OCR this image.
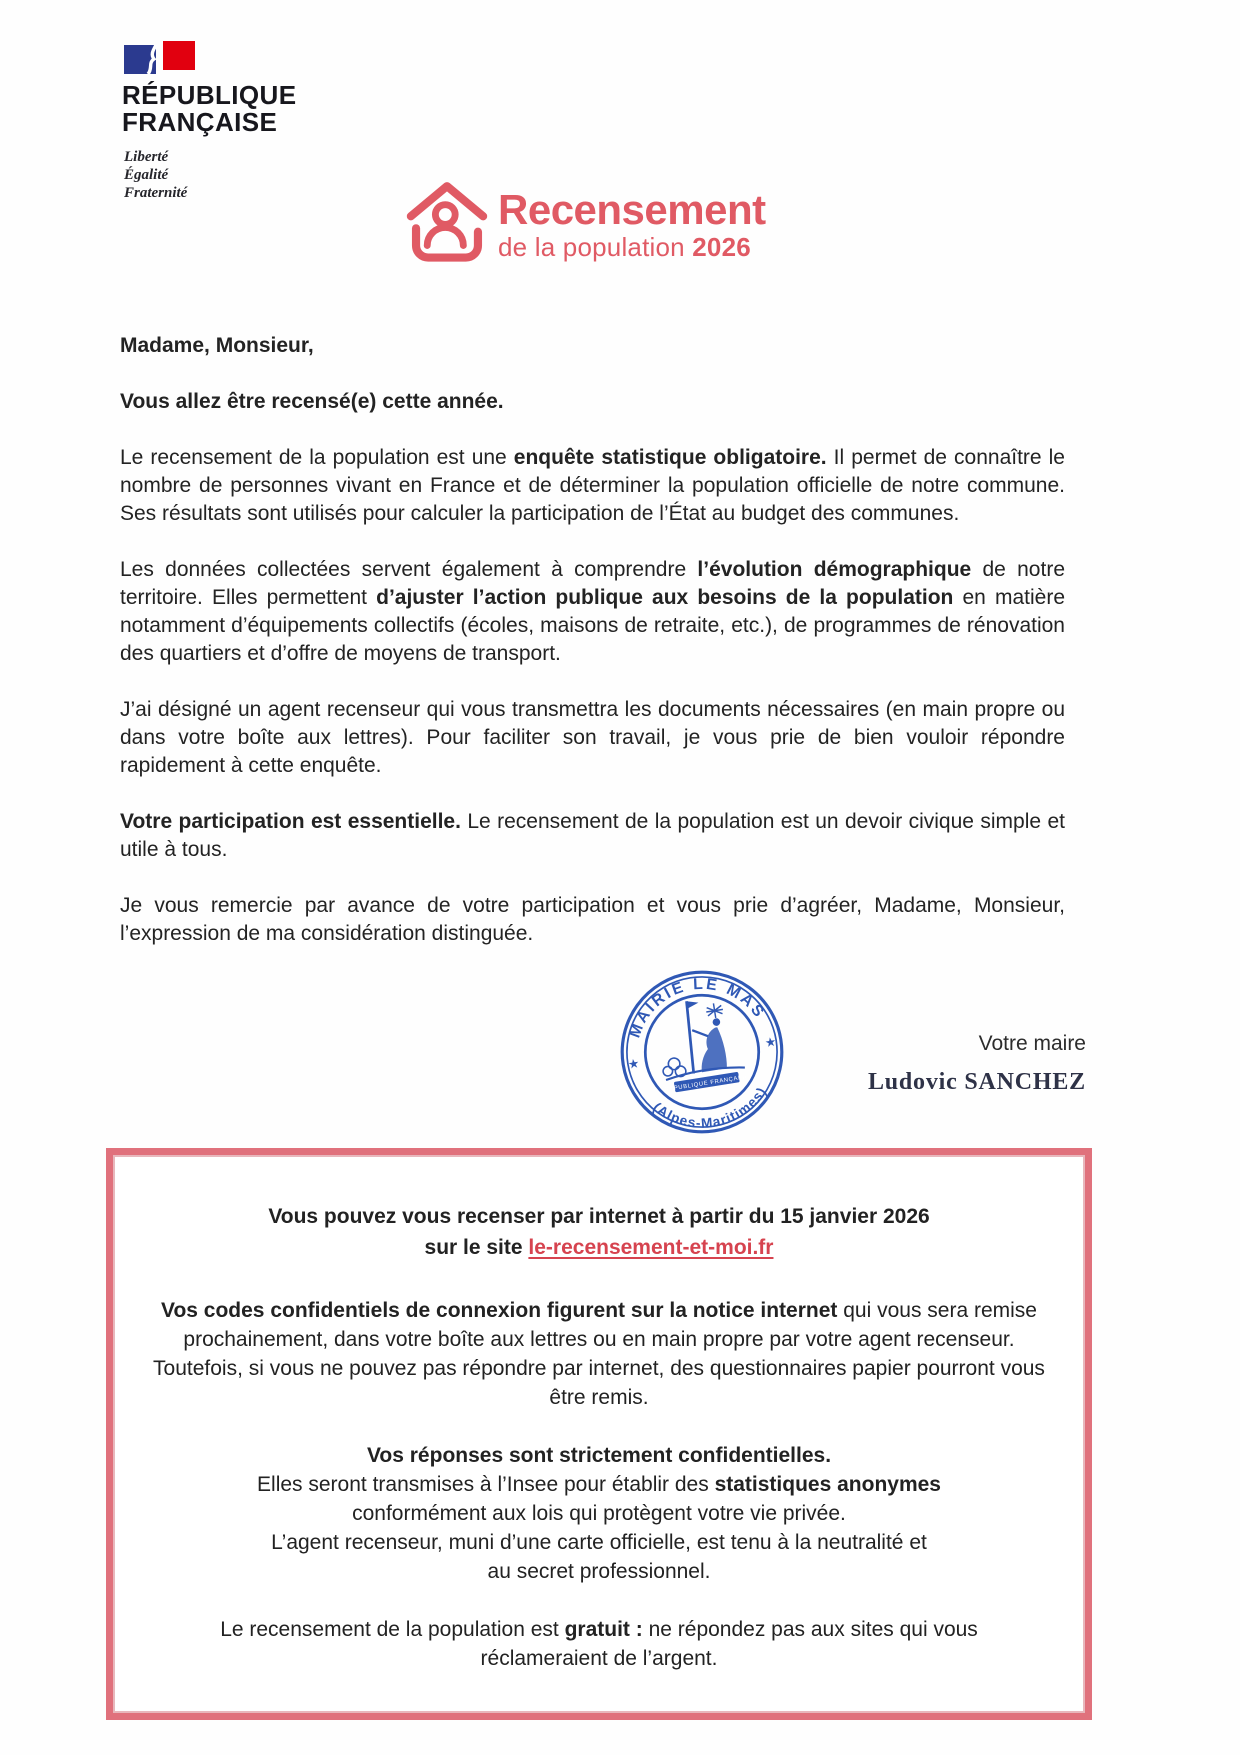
RÉPUBLIQUE
FRANÇAISE
Liberté
Égalité
Fraternité	Recensement
de la population 2026

Madame, Monsieur,

Vous allez être recensé(e) cette année.

Le recensement de la population est une enquête statistique obligatoire. Il permet de connaître le nombre de personnes vivant en France et de déterminer la population officielle de notre commune. Ses résultats sont utilisés pour calculer la participation de l’État au budget des communes.

Les données collectées servent également à comprendre l’évolution démographique de notre territoire. Elles permettent d’ajuster l’action publique aux besoins de la population en matière notamment d’équipements collectifs (écoles, maisons de retraite, etc.), de programmes de rénovation des quartiers et d’offre de moyens de transport.

J’ai désigné un agent recenseur qui vous transmettra les documents nécessaires (en main propre ou dans votre boîte aux lettres). Pour faciliter son travail, je vous prie de bien vouloir répondre rapidement à cette enquête.

Votre participation est essentielle. Le recensement de la population est un devoir civique simple et utile à tous.

Je vous remercie par avance de votre participation et vous prie d’agréer, Madame, Monsieur, l’expression de ma considération distinguée.

MAIRIE LE MAS
(Alpes-Maritimes)
★
★
RÉPUBLIQUE FRANÇAISE
Votre maire
Ludovic SANCHEZ
Vous pouvez vous recenser par internet à partir du 15 janvier 2026
sur le site le-recensement-et-moi.fr

Vos codes confidentiels de connexion figurent sur la notice internet qui vous sera remise prochainement, dans votre boîte aux lettres ou en main propre par votre agent recenseur. Toutefois, si vous ne pouvez pas répondre par internet, des questionnaires papier pourront vous être remis.

Vos réponses sont strictement confidentielles.
Elles seront transmises à l’Insee pour établir des statistiques anonymes
conformément aux lois qui protègent votre vie privée.
L’agent recenseur, muni d’une carte officielle, est tenu à la neutralité et
au secret professionnel.

Le recensement de la population est gratuit : ne répondez pas aux sites qui vous réclameraient de l’argent.
